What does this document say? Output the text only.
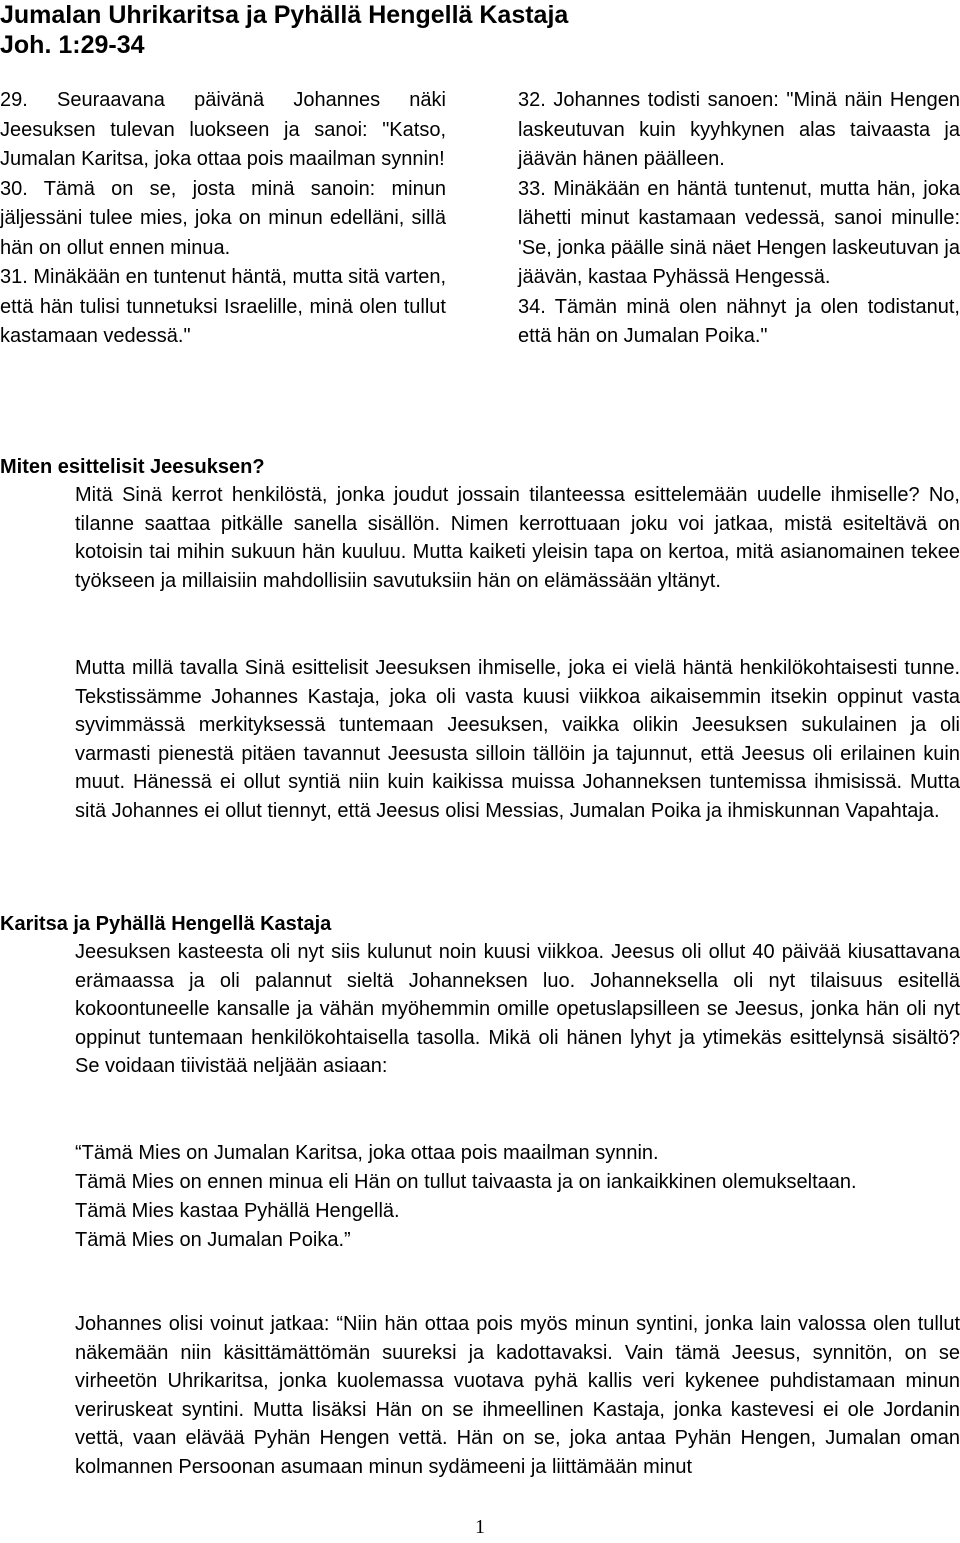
Jumalan Uhrikaritsa ja Pyhällä Hengellä Kastaja
Joh. 1:29-34

29. Seuraavana päivänä Johannes näki Jeesuksen tulevan luokseen ja sanoi: "Katso, Jumalan Karitsa, joka ottaa pois maailman synnin!

30. Tämä on se, josta minä sanoin: minun jäljessäni tulee mies, joka on minun edelläni, sillä hän on ollut ennen minua.

31. Minäkään en tuntenut häntä, mutta sitä varten, että hän tulisi tunnetuksi Israelille, minä olen tullut kastamaan vedessä."

32. Johannes todisti sanoen: "Minä näin Hengen laskeutuvan kuin kyyhkynen alas taivaasta ja jäävän hänen päälleen.

33. Minäkään en häntä tuntenut, mutta hän, joka lähetti minut kastamaan vedessä, sanoi minulle: 'Se, jonka päälle sinä näet Hengen laskeutuvan ja jäävän, kastaa Pyhässä Hengessä.

34. Tämän minä olen nähnyt ja olen todistanut, että hän on Jumalan Poika."

Miten esittelisit Jeesuksen?

Mitä Sinä kerrot henkilöstä, jonka joudut jossain tilanteessa esittelemään uudelle ihmiselle? No, tilanne saattaa pitkälle sanella sisällön. Nimen kerrottuaan joku voi jatkaa, mistä esiteltävä on kotoisin tai mihin sukuun hän kuuluu. Mutta kaiketi yleisin tapa on kertoa, mitä asianomainen tekee työkseen ja millaisiin mahdollisiin savutuksiin hän on elämässään yltänyt.

Mutta millä tavalla Sinä esittelisit Jeesuksen ihmiselle, joka ei vielä häntä henkilökohtaisesti tunne. Tekstissämme Johannes Kastaja, joka oli vasta kuusi viikkoa aikaisemmin itsekin oppinut vasta syvimmässä merkityksessä tuntemaan Jeesuksen, vaikka olikin Jeesuksen sukulainen ja oli varmasti pienestä pitäen tavannut Jeesusta silloin tällöin ja tajunnut, että Jeesus oli erilainen kuin muut. Hänessä ei ollut syntiä niin kuin kaikissa muissa Johanneksen tuntemissa ihmisissä. Mutta sitä Johannes ei ollut tiennyt, että Jeesus olisi Messias, Jumalan Poika ja ihmiskunnan Vapahtaja.

Karitsa ja Pyhällä Hengellä Kastaja

Jeesuksen kasteesta oli nyt siis kulunut noin kuusi viikkoa. Jeesus oli ollut 40 päivää kiusattavana erämaassa ja oli palannut sieltä Johanneksen luo. Johanneksella oli nyt tilaisuus esitellä kokoontuneelle kansalle ja vähän myöhemmin omille opetuslapsilleen se Jeesus, jonka hän oli nyt oppinut tuntemaan henkilökohtaisella tasolla. Mikä oli hänen lyhyt ja ytimekäs esittelynsä sisältö? Se voidaan tiivistää neljään asiaan:

“Tämä Mies on Jumalan Karitsa, joka ottaa pois maailman synnin.

Tämä Mies on ennen minua eli Hän on tullut taivaasta ja on iankaikkinen olemukseltaan.

Tämä Mies kastaa Pyhällä Hengellä.

Tämä Mies on Jumalan Poika.”

Johannes olisi voinut jatkaa: “Niin hän ottaa pois myös minun syntini, jonka lain valossa olen tullut näkemään niin käsittämättömän suureksi ja kadottavaksi. Vain tämä Jeesus, synnitön, on se virheetön Uhrikaritsa, jonka kuolemassa vuotava pyhä kallis veri kykenee puhdistamaan minun veriruskeat syntini. Mutta lisäksi Hän on se ihmeellinen Kastaja, jonka kastevesi ei ole Jordanin vettä, vaan elävää Pyhän Hengen vettä. Hän on se, joka antaa Pyhän Hengen, Jumalan oman kolmannen Persoonan asumaan minun sydämeeni ja liittämään minut

1
